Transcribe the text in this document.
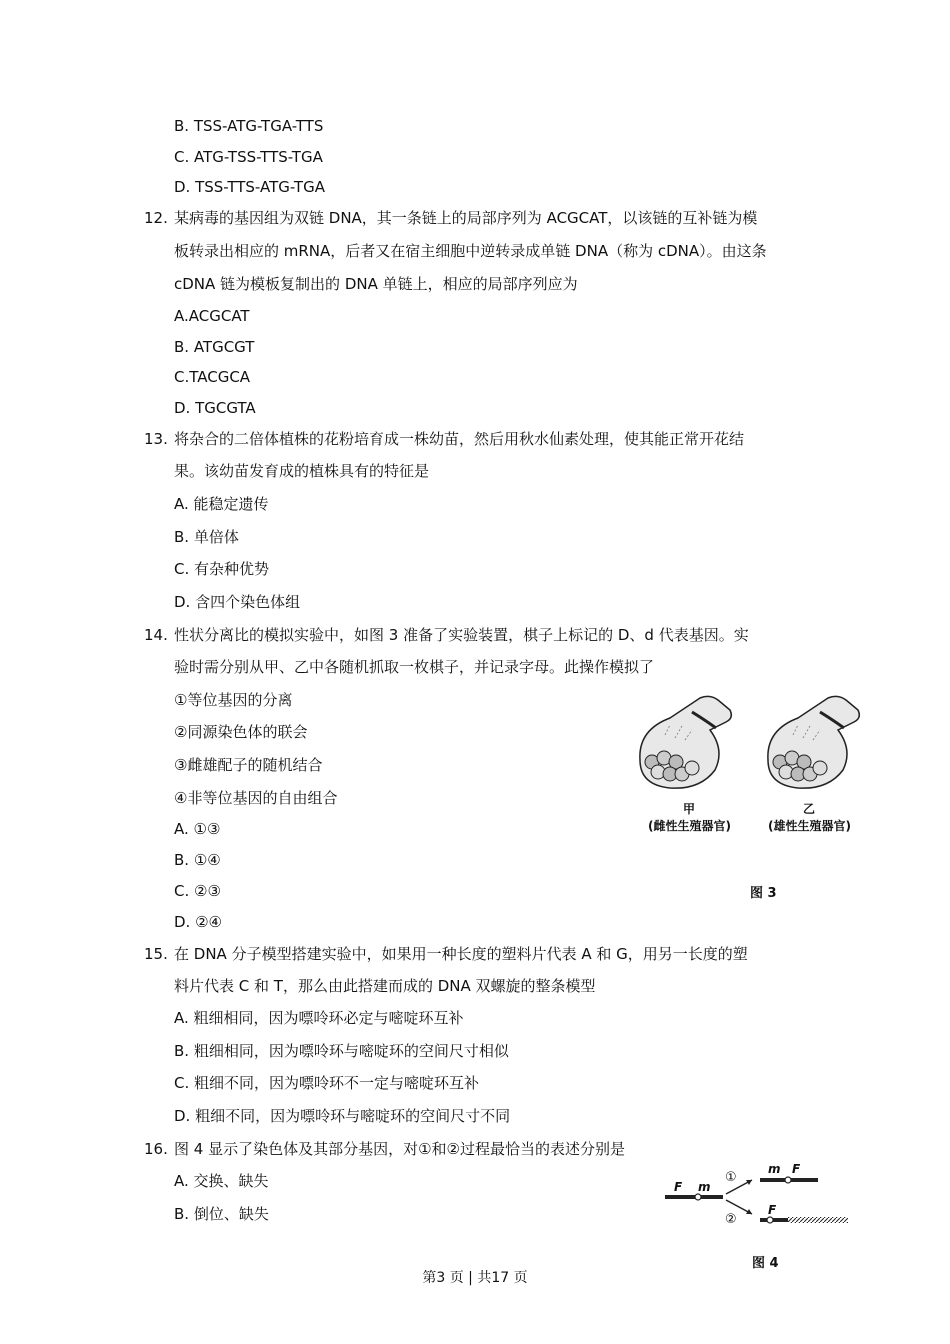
B. TSS-ATG-TGA-TTS
C. ATG-TSS-TTS-TGA
D. TSS-TTS-ATG-TGA
12. 某病毒的基因组为双链 DNA，其一条链上的局部序列为 ACGCAT，以该链的互补链为模
板转录出相应的 mRNA，后者又在宿主细胞中逆转录成单链 DNA（称为 cDNA）。由这条
cDNA 链为模板复制出的 DNA 单链上，相应的局部序列应为
A.ACGCAT
B. ATGCGT
C.TACGCA
D. TGCGTA
13. 将杂合的二倍体植株的花粉培育成一株幼苗，然后用秋水仙素处理，使其能正常开花结
果。该幼苗发育成的植株具有的特征是
A. 能稳定遗传
B. 单倍体
C. 有杂种优势
D. 含四个染色体组
14. 性状分离比的模拟实验中，如图 3 准备了实验装置，棋子上标记的 D、d 代表基因。实
验时需分别从甲、乙中各随机抓取一枚棋子，并记录字母。此操作模拟了
①等位基因的分离
②同源染色体的联会
③雌雄配子的随机结合
④非等位基因的自由组合
A. ①③
B. ①④
C. ②③
D. ②④
甲
(雌性生殖器官)
乙
(雄性生殖器官)
图 3
15. 在 DNA 分子模型搭建实验中，如果用一种长度的塑料片代表 A 和 G，用另一长度的塑
料片代表 C 和 T，那么由此搭建而成的 DNA 双螺旋的整条模型
A. 粗细相同，因为嘌呤环必定与嘧啶环互补
B. 粗细相同，因为嘌呤环与嘧啶环的空间尺寸相似
C. 粗细不同，因为嘌呤环不一定与嘧啶环互补
D. 粗细不同，因为嘌呤环与嘧啶环的空间尺寸不同
16. 图 4 显示了染色体及其部分基因，对①和②过程最恰当的表述分别是
A. 交换、缺失
B. 倒位、缺失
F m
①
②
m F
F
图 4
第3 页 | 共17 页
